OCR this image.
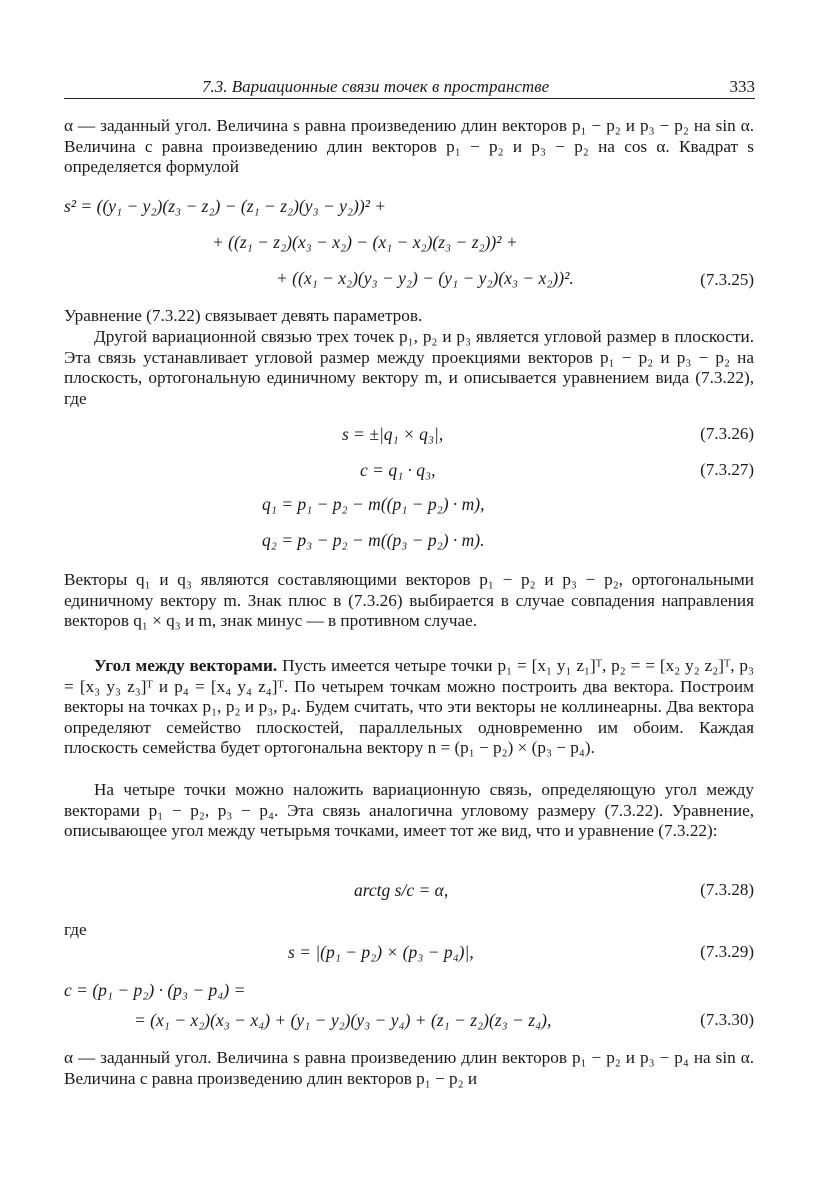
7.3. Вариационные связи точек в пространстве	333

α — заданный угол. Величина s равна произведению длин векторов p₁ − p₂ и p₃ − p₂ на sin α. Величина c равна произведению длин векторов p₁ − p₂ и p₃ − p₂ на cos α. Квадрат s определяется формулой

s² = ((y₁ − y₂)(z₃ − z₂) − (z₁ − z₂)(y₃ − y₂))² +
+ ((z₁ − z₂)(x₃ − x₂) − (x₁ − x₂)(z₃ − z₂))² +
+ ((x₁ − x₂)(y₃ − y₂) − (y₁ − y₂)(x₃ − x₂))².	(7.3.25)

Уравнение (7.3.22) связывает девять параметров.

Другой вариационной связью трех точек p₁, p₂ и p₃ является угловой размер в плоскости. Эта связь устанавливает угловой размер между проекциями векторов p₁ − p₂ и p₃ − p₂ на плоскость, ортогональную единичному вектору m, и описывается уравнением вида (7.3.22), где

s = ±|q₁ × q₃|,	(7.3.26)
c = q₁ · q₃,	(7.3.27)
q₁ = p₁ − p₂ − m((p₁ − p₂) · m),
q₂ = p₃ − p₂ − m((p₃ − p₂) · m).

Векторы q₁ и q₃ являются составляющими векторов p₁ − p₂ и p₃ − p₂, ортогональными единичному вектору m. Знак плюс в (7.3.26) выбирается в случае совпадения направления векторов q₁ × q₃ и m, знак минус — в противном случае.

Угол между векторами. Пусть имеется четыре точки p₁ = [x₁ y₁ z₁]ᵀ, p₂ = = [x₂ y₂ z₂]ᵀ, p₃ = [x₃ y₃ z₃]ᵀ и p₄ = [x₄ y₄ z₄]ᵀ. По четырем точкам можно построить два вектора. Построим векторы на точках p₁, p₂ и p₃, p₄. Будем считать, что эти векторы не коллинеарны. Два вектора определяют семейство плоскостей, параллельных одновременно им обоим. Каждая плоскость семейства будет ортогональна вектору n = (p₁ − p₂) × (p₃ − p₄).

На четыре точки можно наложить вариационную связь, определяющую угол между векторами p₁ − p₂, p₃ − p₄. Эта связь аналогична угловому размеру (7.3.22). Уравнение, описывающее угол между четырьмя точками, имеет тот же вид, что и уравнение (7.3.22):

arctg s/c = α,	(7.3.28)

где

s = |(p₁ − p₂) × (p₃ − p₄)|,	(7.3.29)
c = (p₁ − p₂) · (p₃ − p₄) =
= (x₁ − x₂)(x₃ − x₄) + (y₁ − y₂)(y₃ − y₄) + (z₁ − z₂)(z₃ − z₄),	(7.3.30)

α — заданный угол. Величина s равна произведению длин векторов p₁ − p₂ и p₃ − p₄ на sin α. Величина c равна произведению длин векторов p₁ − p₂ и
